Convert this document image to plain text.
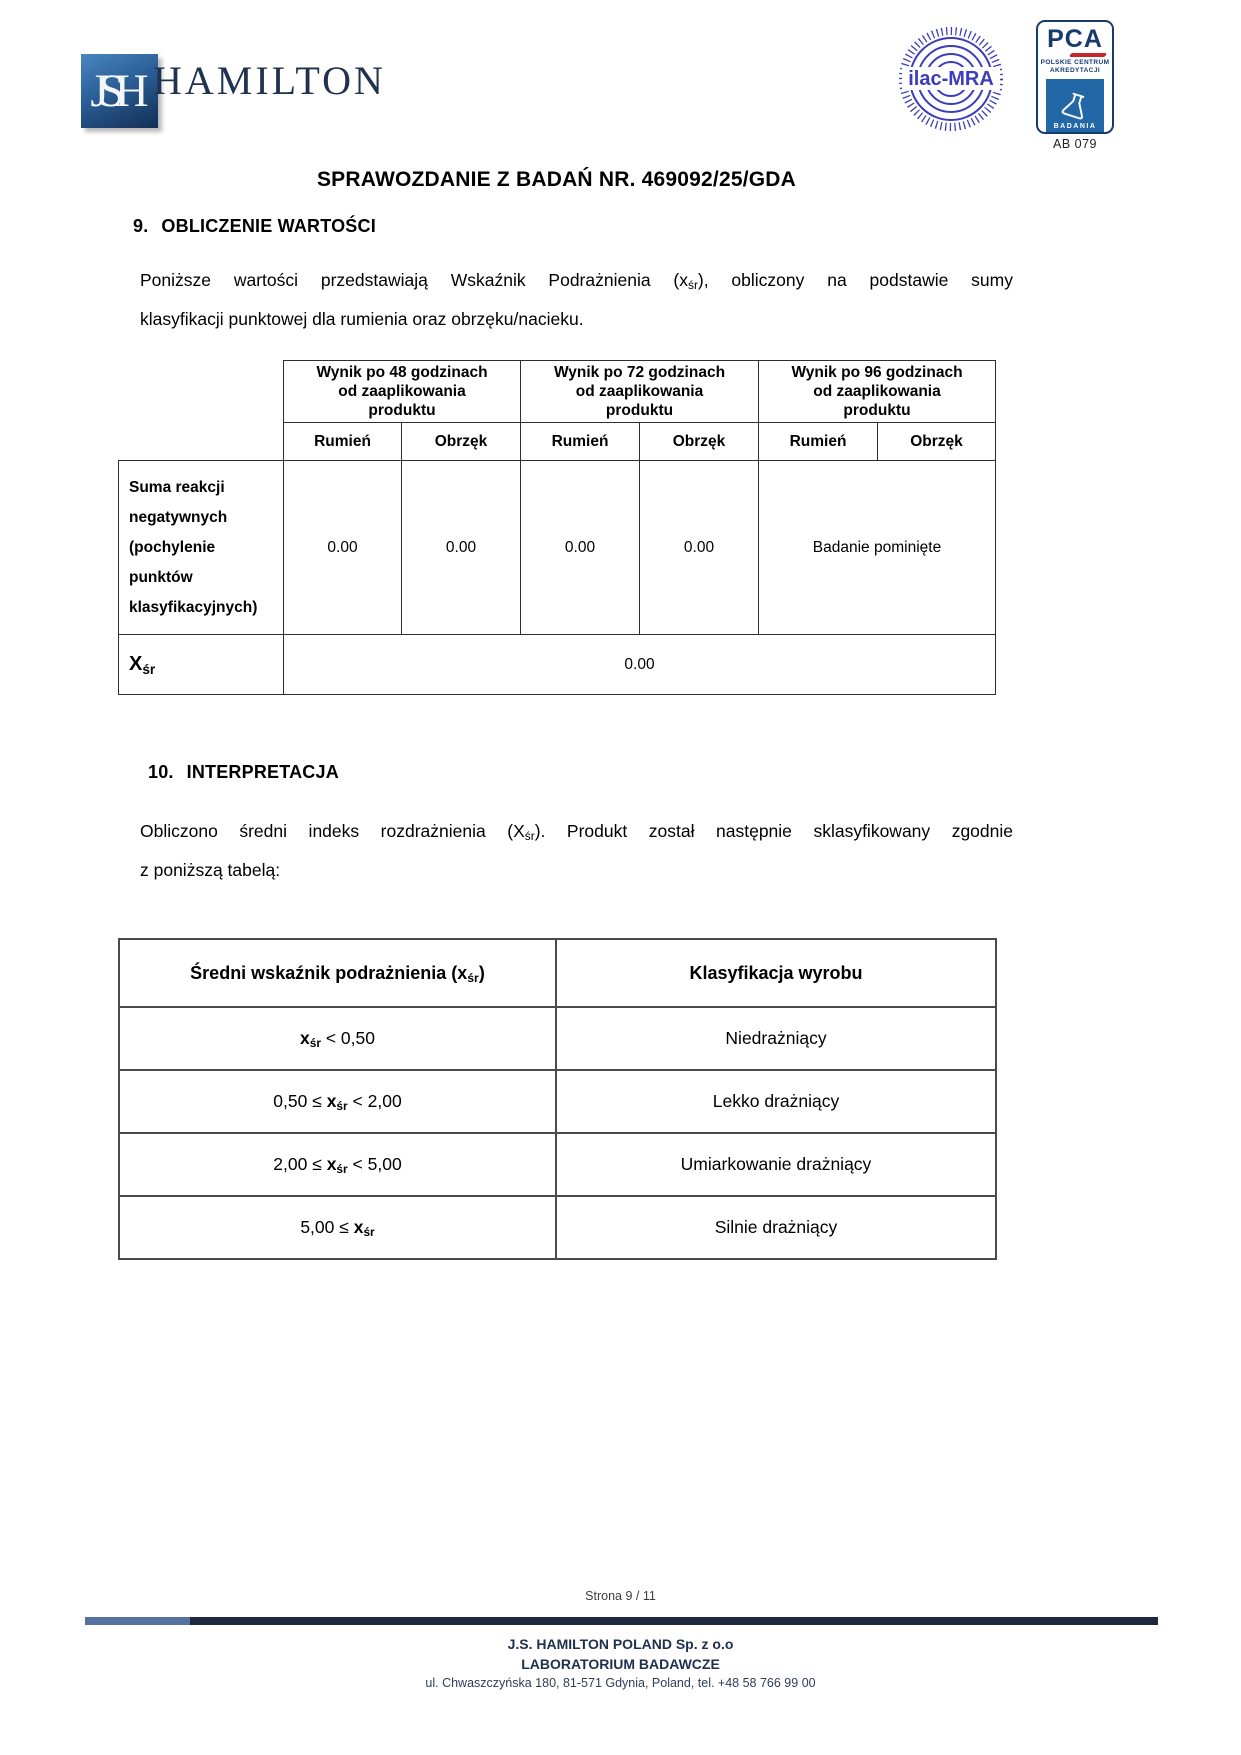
JSH HAMILTON	ilac-MRA
PCA
POLSKIE CENTRUM
AKREDYTACJI
BADANIA
AB 079
SPRAWOZDANIE Z BADAŃ NR. 469092/25/GDA
9. OBLICZENIE WARTOŚCI
Poniższe wartości przedstawiają Wskaźnik Podrażnienia $(x_{śr})$, obliczony na podstawie sumy
klasyfikacji punktowej dla rumienia oraz obrzęku/nacieku.
	Wynik po 48 godzinach od zaaplikowania produktu		Wynik po 72 godzinach od zaaplikowania produktu		Wynik po 96 godzinach od zaaplikowania produktu	
	Rumień	Obrzęk	Rumień	Obrzęk	Rumień	Obrzęk
Suma reakcji negatywnych (pochylenie punktów klasyfikacyjnych)	0.00	0.00	0.00	0.00	Badanie pominięte	
$X_{śr}$	0.00					
10. INTERPRETACJA
Obliczono średni indeks rozdrażnienia $(X_{śr})$. Produkt został następnie sklasyfikowany zgodnie
z poniższą tabelą:
Średni wskaźnik podrażnienia $(x_{śr})$	Klasyfikacja wyrobu
$x_{śr} < 0,50$	Niedrażniący
$0,50 \le x_{śr} < 2,00$	Lekko drażniący
$2,00 \le x_{śr} < 5,00$	Umiarkowanie drażniący
$5,00 \le x_{śr}$	Silnie drażniący
Strona 9 / 11
J.S. HAMILTON POLAND Sp. z o.o
LABORATORIUM BADAWCZE
ul. Chwaszczyńska 180, 81-571 Gdynia, Poland, tel. +48 58 766 99 00
